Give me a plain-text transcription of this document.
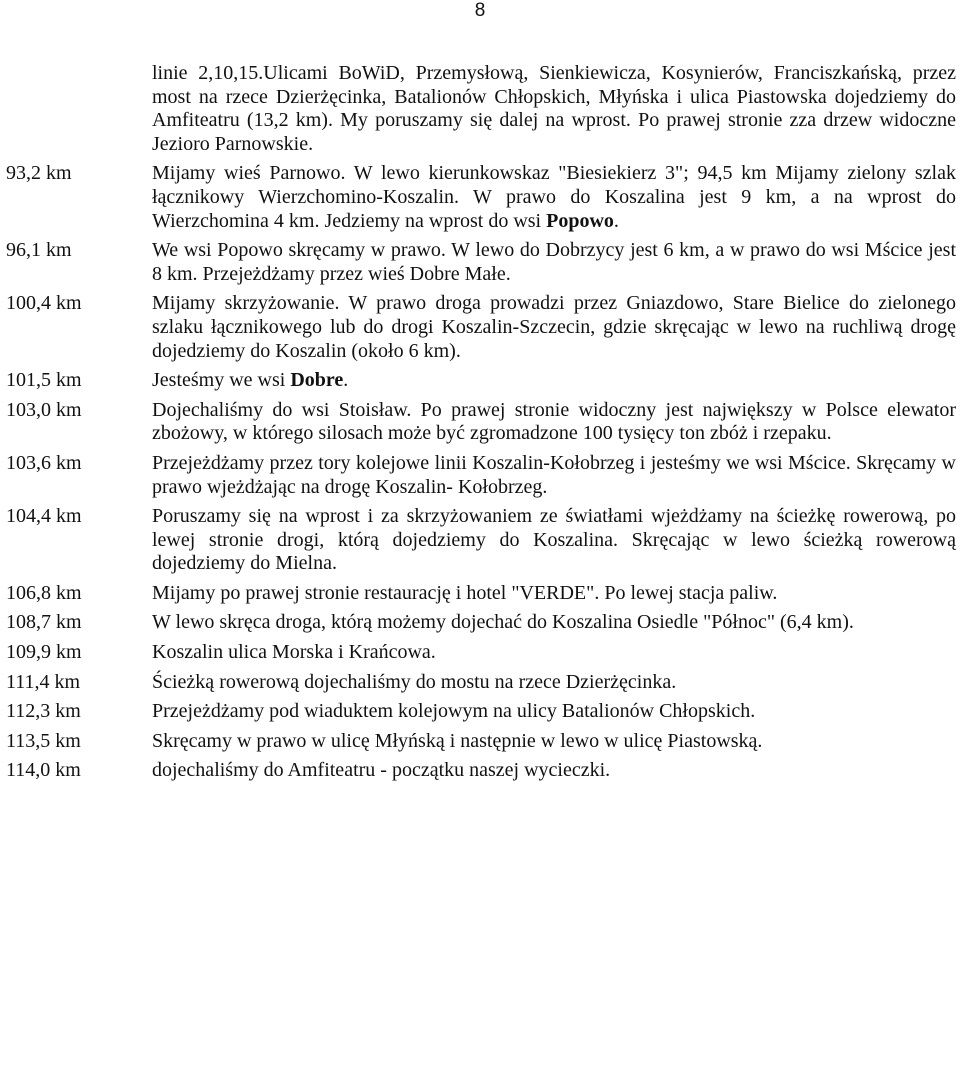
8
linie 2,10,15.Ulicami BoWiD, Przemysłową, Sienkiewicza, Kosynierów, Franciszkańską, przez most na rzece Dzierżęcinka, Batalionów Chłopskich, Młyńska i ulica Piastowska dojedziemy do Amfiteatru (13,2 km). My poruszamy się dalej na wprost. Po prawej stronie zza drzew widoczne Jezioro Parnowskie.
93,2 km	Mijamy wieś Parnowo. W lewo kierunkowskaz "Biesiekierz 3"; 94,5 km Mijamy zielony szlak łącznikowy Wierzchomino-Koszalin. W prawo do Koszalina jest 9 km, a na wprost do Wierzchomina 4 km. Jedziemy na wprost do wsi Popowo.
96,1 km	We wsi Popowo skręcamy w prawo. W lewo do Dobrzycy jest 6 km, a w prawo do wsi Mścice jest 8 km. Przejeżdżamy przez wieś Dobre Małe.
100,4 km	Mijamy skrzyżowanie. W prawo droga prowadzi przez Gniazdowo, Stare Bielice do zielonego szlaku łącznikowego lub do drogi Koszalin-Szczecin, gdzie skręcając w lewo na ruchliwą drogę dojedziemy do Koszalin (około 6 km).
101,5 km	Jesteśmy we wsi Dobre.
103,0 km	Dojechaliśmy do wsi Stoisław. Po prawej stronie widoczny jest największy w Polsce elewator zbożowy, w którego silosach może być zgromadzone 100 tysięcy ton zbóż i rzepaku.
103,6 km	Przejeżdżamy przez tory kolejowe linii Koszalin-Kołobrzeg i jesteśmy we wsi Mścice. Skręcamy w prawo wjeżdżając na drogę Koszalin- Kołobrzeg.
104,4 km	Poruszamy się na wprost i za skrzyżowaniem ze światłami wjeżdżamy na ścieżkę rowerową, po lewej stronie drogi, którą dojedziemy do Koszalina. Skręcając w lewo ścieżką rowerową dojedziemy do Mielna.
106,8 km	Mijamy po prawej stronie restaurację i hotel "VERDE". Po lewej stacja paliw.
108,7 km	W lewo skręca droga, którą możemy dojechać do Koszalina Osiedle "Północ" (6,4 km).
109,9 km	Koszalin ulica Morska i Krańcowa.
111,4 km	Ścieżką rowerową dojechaliśmy do mostu na rzece Dzierżęcinka.
112,3 km	Przejeżdżamy pod wiaduktem kolejowym na ulicy Batalionów Chłopskich.
113,5 km	Skręcamy w prawo w ulicę Młyńską i następnie w lewo w ulicę Piastowską.
114,0 km	dojechaliśmy do Amfiteatru - początku naszej wycieczki.
